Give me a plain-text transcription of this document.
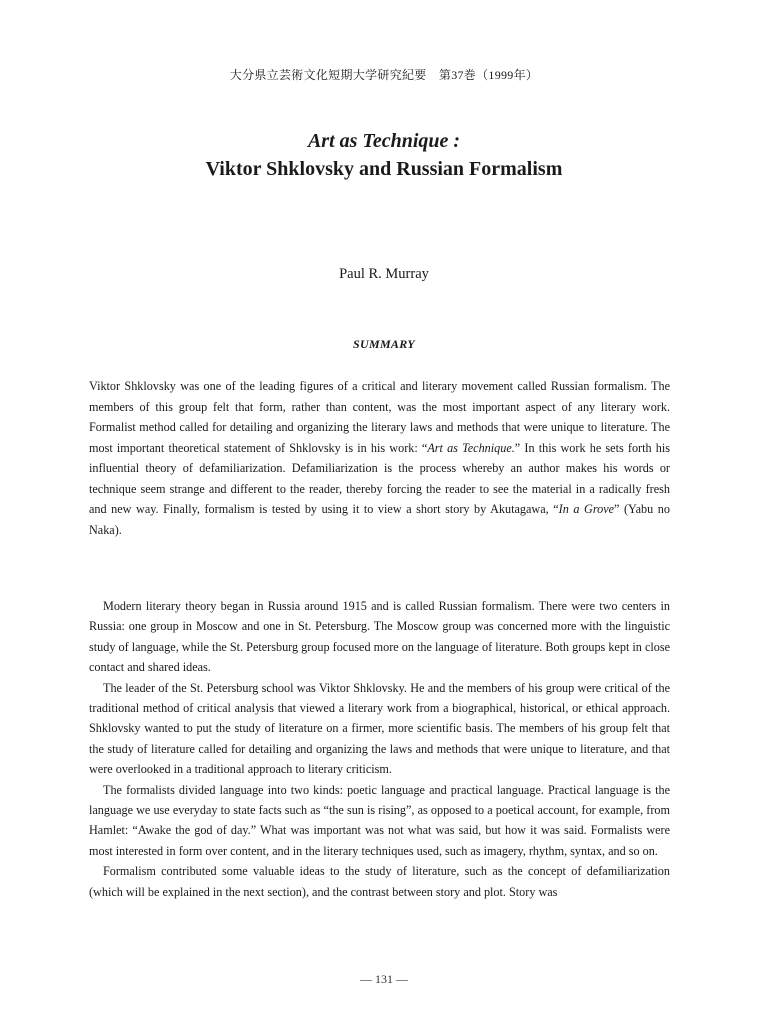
大分県立芸術文化短期大学研究紀要　第37巻（1999年）
Art as Technique :
Viktor Shklovsky and Russian Formalism
Paul R. Murray
SUMMARY

Viktor Shklovsky was one of the leading figures of a critical and literary movement called Russian formalism. The members of this group felt that form, rather than content, was the most important aspect of any literary work. Formalist method called for detailing and organizing the literary laws and methods that were unique to literature. The most important theoretical statement of Shklovsky is in his work: “Art as Technique.” In this work he sets forth his influential theory of defamiliarization. Defamiliarization is the process whereby an author makes his words or technique seem strange and different to the reader, thereby forcing the reader to see the material in a radically fresh and new way. Finally, formalism is tested by using it to view a short story by Akutagawa, “In a Grove” (Yabu no Naka).

Modern literary theory began in Russia around 1915 and is called Russian formalism. There were two centers in Russia: one group in Moscow and one in St. Petersburg. The Moscow group was concerned more with the linguistic study of language, while the St. Petersburg group focused more on the language of literature. Both groups kept in close contact and shared ideas.

The leader of the St. Petersburg school was Viktor Shklovsky. He and the members of his group were critical of the traditional method of critical analysis that viewed a literary work from a biographical, historical, or ethical approach. Shklovsky wanted to put the study of literature on a firmer, more scientific basis. The members of his group felt that the study of literature called for detailing and organizing the laws and methods that were unique to literature, and that were overlooked in a traditional approach to literary criticism.

The formalists divided language into two kinds: poetic language and practical language. Practical language is the language we use everyday to state facts such as “the sun is rising”, as opposed to a poetical account, for example, from Hamlet: “Awake the god of day.” What was important was not what was said, but how it was said. Formalists were most interested in form over content, and in the literary techniques used, such as imagery, rhythm, syntax, and so on.

Formalism contributed some valuable ideas to the study of literature, such as the concept of defamiliarization (which will be explained in the next section), and the contrast between story and plot. Story was

— 131 —
